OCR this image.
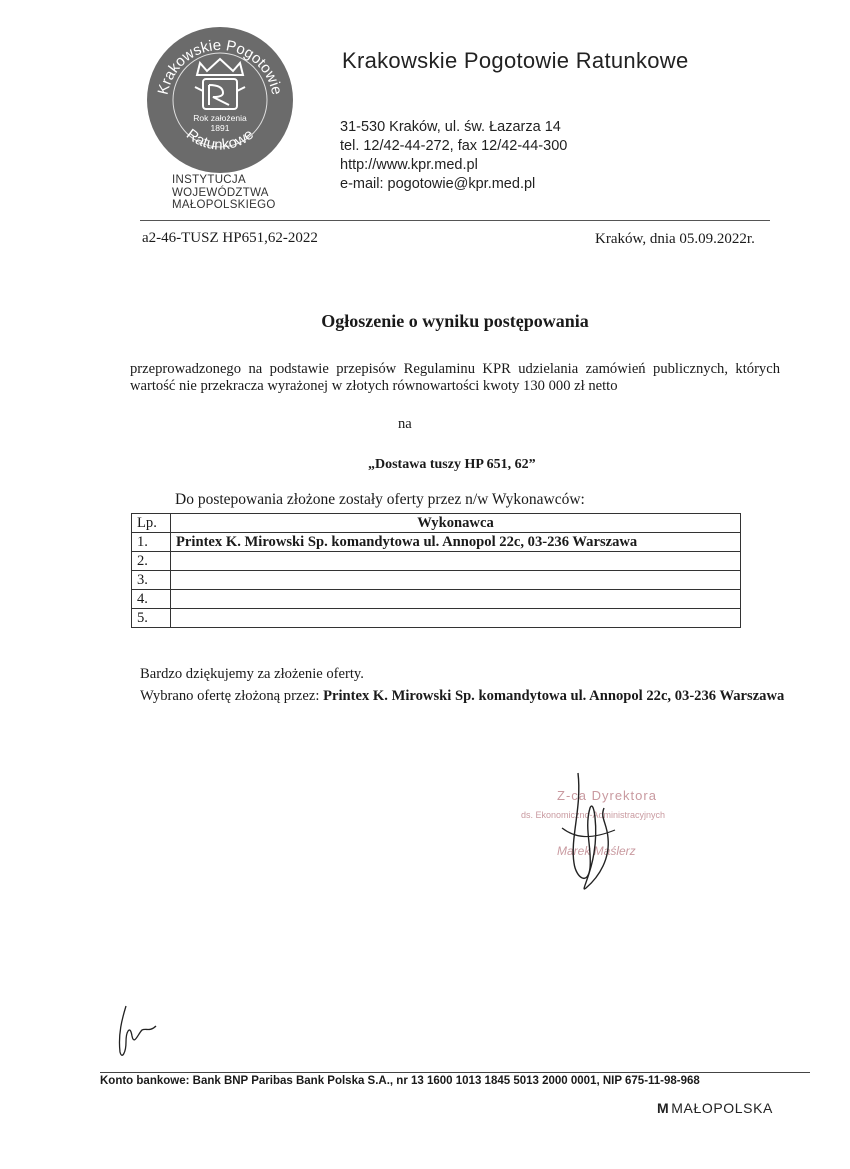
Krakowskie Pogotowie
Ratunkowe
Rok założenia
1891
INSTYTUCJA
WOJEWÓDZTWA
MAŁOPOLSKIEGO
Krakowskie Pogotowie Ratunkowe
31-530 Kraków, ul. św. Łazarza 14
tel. 12/42-44-272, fax 12/42-44-300
http://www.kpr.med.pl
e-mail: pogotowie@kpr.med.pl
a2-46-TUSZ HP651,62-2022	Kraków, dnia 05.09.2022r.
Ogłoszenie o wyniku postępowania
przeprowadzonego na podstawie przepisów Regulaminu KPR udzielania zamówień publicznych, których wartość nie przekracza wyrażonej w złotych równowartości kwoty 130 000 zł netto
na
„Dostawa tuszy HP 651, 62”
Do postepowania złożone zostały oferty przez n/w Wykonawców:
Lp.	Wykonawca
1.	Printex K. Mirowski Sp. komandytowa ul. Annopol 22c, 03-236 Warszawa
2.	
3.	
4.	
5.	
Bardzo dziękujemy za złożenie oferty.
Wybrano ofertę złożoną przez: Printex K. Mirowski Sp. komandytowa ul. Annopol 22c, 03-236 Warszawa
Z-ca Dyrektora
ds. Ekonomiczno-Administracyjnych
Marek Maślerz
Konto bankowe: Bank BNP Paribas Bank Polska S.A., nr 13 1600 1013 1845 5013 2000 0001, NIP 675-11-98-968
M MAŁOPOLSKA
